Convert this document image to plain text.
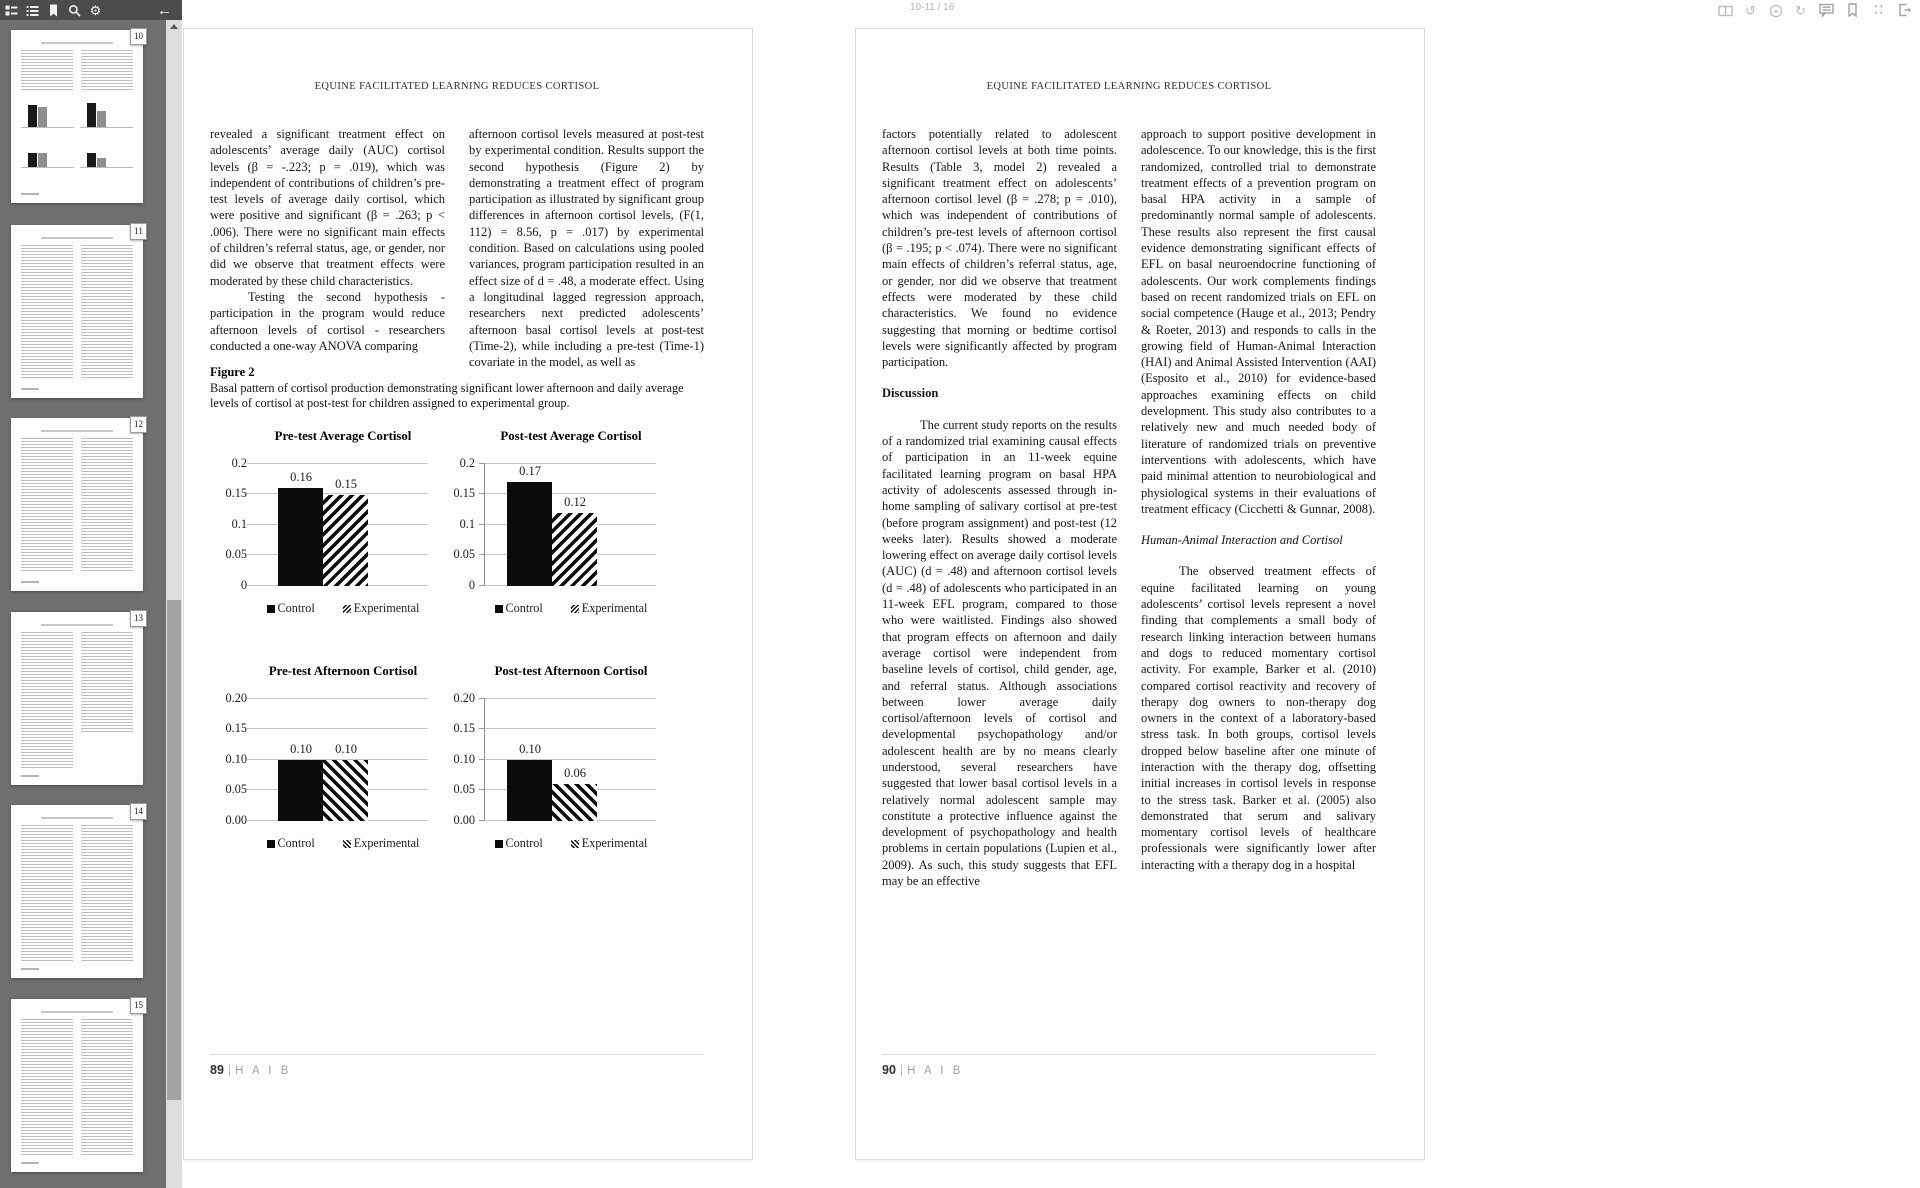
⚙	←
10
11
12
13
14
15
10-11 / 16	↺	↻
EQUINE FACILITATED LEARNING REDUCES CORTISOL

revealed a significant treatment effect on adolescents’ average daily (AUC) cortisol levels (β = -.223; p = .019), which was independent of contributions of children’s pre-test levels of average daily cortisol, which were positive and significant (β = .263; p < .006). There were no significant main effects of children’s referral status, age, or gender, nor did we observe that treatment effects were moderated by these child characteristics.

Testing the second hypothesis - participation in the program would reduce afternoon levels of cortisol - researchers conducted a one-way ANOVA comparing

afternoon cortisol levels measured at post-test by experimental condition. Results support the second hypothesis (Figure 2) by demonstrating a treatment effect of program participation as illustrated by significant group differences in afternoon cortisol levels, (F(1, 112) = 8.56, p = .017) by experimental condition. Based on calculations using pooled variances, program participation resulted in an effect size of d = .48, a moderate effect. Using a longitudinal lagged regression approach, researchers next predicted adolescents’ afternoon basal cortisol levels at post-test (Time-2), while including a pre-test (Time-1) covariate in the model, as well as

Figure 2
Basal pattern of cortisol production demonstrating significant lower afternoon and daily average levels of cortisol at post-test for children assigned to experimental group.
Pre-test Average Cortisol
0.2
0.15
0.1
0.05
0
0.16	0.15
Control	Experimental
Post-test Average Cortisol
0.2
0.15
0.1
0.05
0
0.17
0.12
Control	Experimental
Pre-test Afternoon Cortisol
0.20
0.15
0.10
0.05
0.00
0.10	0.10
Control	Experimental
Post-test Afternoon Cortisol
0.20
0.15
0.10
0.05
0.00
0.10
0.06
Control	Experimental
89 | H A I B
EQUINE FACILITATED LEARNING REDUCES CORTISOL

factors potentially related to adolescent afternoon cortisol levels at both time points. Results (Table 3, model 2) revealed a significant treatment effect on adolescents’ afternoon cortisol level (β = .278; p = .010), which was independent of contributions of children’s pre-test levels of afternoon cortisol (β = .195; p < .074). There were no significant main effects of children’s referral status, age, or gender, nor did we observe that treatment effects were moderated by these child characteristics. We found no evidence suggesting that morning or bedtime cortisol levels were significantly affected by program participation.

Discussion

The current study reports on the results of a randomized trial examining causal effects of participation in an 11-week equine facilitated learning program on basal HPA activity of adolescents assessed through in-home sampling of salivary cortisol at pre-test (before program assignment) and post-test (12 weeks later). Results showed a moderate lowering effect on average daily cortisol levels (AUC) (d = .48) and afternoon cortisol levels (d = .48) of adolescents who participated in an 11-week EFL program, compared to those who were waitlisted. Findings also showed that program effects on afternoon and daily average cortisol were independent from baseline levels of cortisol, child gender, age, and referral status. Although associations between lower average daily cortisol/afternoon levels of cortisol and developmental psychopathology and/or adolescent health are by no means clearly understood, several researchers have suggested that lower basal cortisol levels in a relatively normal adolescent sample may constitute a protective influence against the development of psychopathology and health problems in certain populations (Lupien et al., 2009). As such, this study suggests that EFL may be an effective

approach to support positive development in adolescence. To our knowledge, this is the first randomized, controlled trial to demonstrate treatment effects of a prevention program on basal HPA activity in a sample of predominantly normal sample of adolescents. These results also represent the first causal evidence demonstrating significant effects of EFL on basal neuroendocrine functioning of adolescents. Our work complements findings based on recent randomized trials on EFL on social competence (Hauge et al., 2013; Pendry & Roeter, 2013) and responds to calls in the growing field of Human-Animal Interaction (HAI) and Animal Assisted Intervention (AAI) (Esposito et al., 2010) for evidence-based approaches examining effects on child development. This study also contributes to a relatively new and much needed body of literature of randomized trials on preventive interventions with adolescents, which have paid minimal attention to neurobiological and physiological systems in their evaluations of treatment efficacy (Cicchetti & Gunnar, 2008).

Human-Animal Interaction and Cortisol

The observed treatment effects of equine facilitated learning on young adolescents’ cortisol levels represent a novel finding that complements a small body of research linking interaction between humans and dogs to reduced momentary cortisol activity. For example, Barker et al. (2010) compared cortisol reactivity and recovery of therapy dog owners to non-therapy dog owners in the context of a laboratory-based stress task. In both groups, cortisol levels dropped below baseline after one minute of interaction with the therapy dog, offsetting initial increases in cortisol levels in response to the stress task. Barker et al. (2005) also demonstrated that serum and salivary momentary cortisol levels of healthcare professionals were significantly lower after interacting with a therapy dog in a hospital

90 | H A I B
